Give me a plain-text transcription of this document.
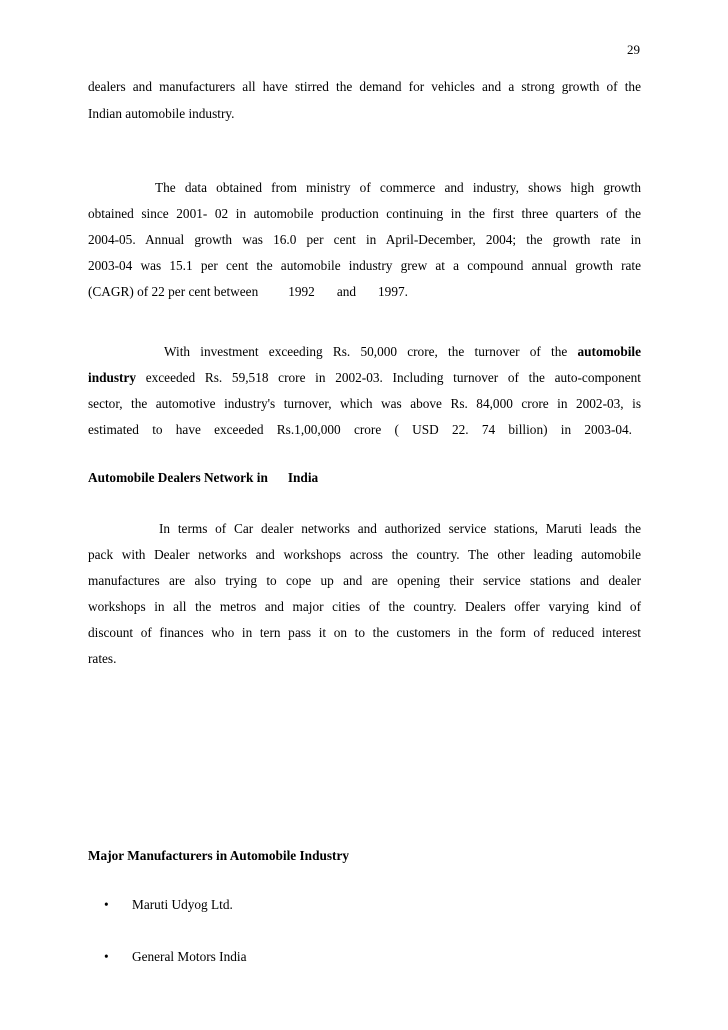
29
dealers and manufacturers all have stirred the demand for vehicles and a strong growth of the
Indian automobile industry.
The data obtained from ministry of commerce and industry, shows high growth
obtained since 2001- 02 in automobile production continuing in the first three quarters of the
2004-05. Annual growth was 16.0 per cent in April-December, 2004; the growth rate in
2003-04 was 15.1 per cent the automobile industry grew at a compound annual growth rate
(CAGR) of 22 per cent between 1992 and 1997.
With investment exceeding Rs. 50,000 crore, the turnover of the automobile
industry exceeded Rs. 59,518 crore in 2002-03. Including turnover of the auto-component
sector, the automotive industry's turnover, which was above Rs. 84,000 crore in 2002-03, is
estimated to have exceeded Rs.1,00,000 crore ( USD 22. 74 billion) in 2003-04.
Automobile Dealers Network in India
In terms of Car dealer networks and authorized service stations, Maruti leads the
pack with Dealer networks and workshops across the country. The other leading automobile
manufactures are also trying to cope up and are opening their service stations and dealer
workshops in all the metros and major cities of the country. Dealers offer varying kind of
discount of finances who in tern pass it on to the customers in the form of reduced interest
rates.
Major Manufacturers in Automobile Industry
• Maruti Udyog Ltd.
• General Motors India
